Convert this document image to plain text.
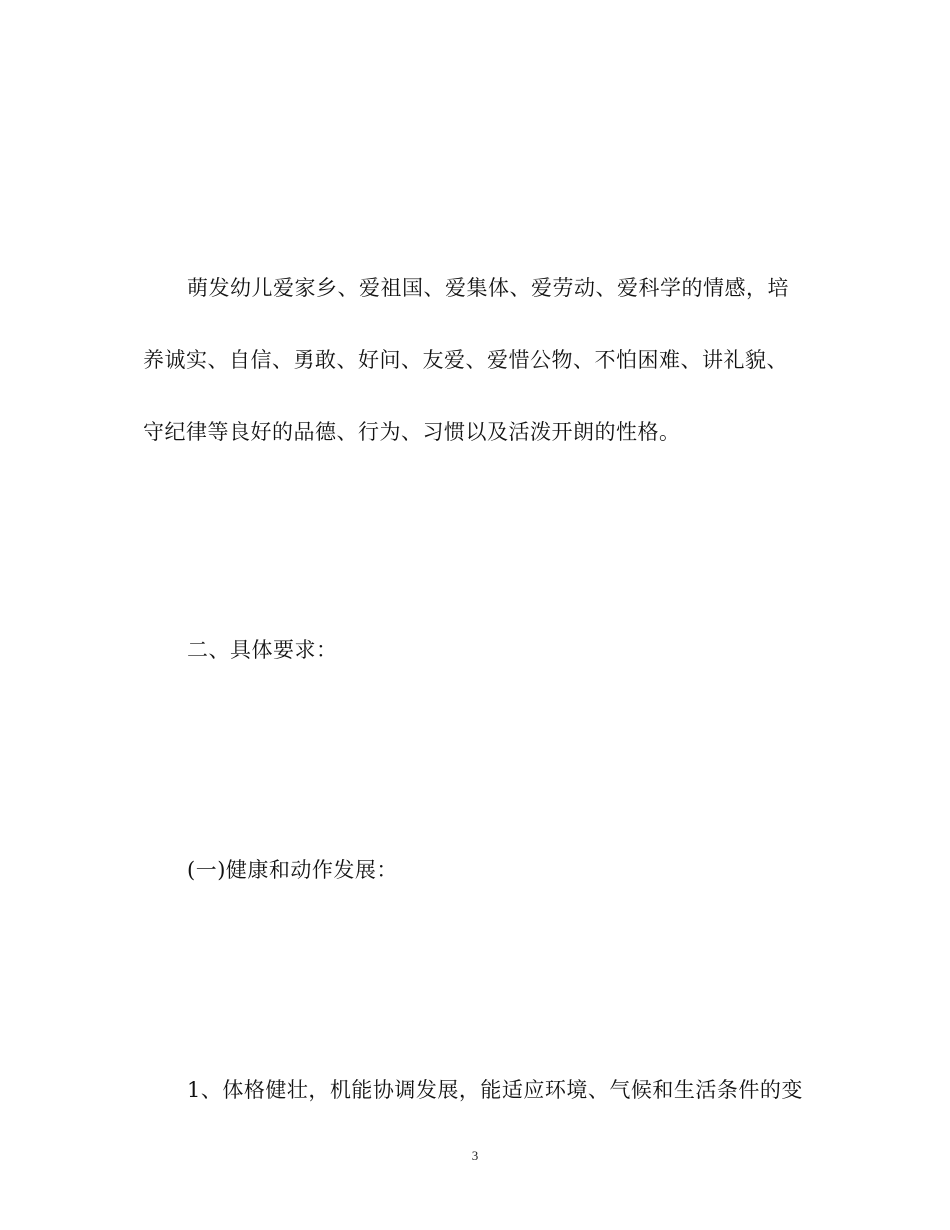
萌发幼儿爱家乡、爱祖国、爱集体、爱劳动、爱科学的情感，培
养诚实、自信、勇敢、好问、友爱、爱惜公物、不怕困难、讲礼貌、
守纪律等良好的品德、行为、习惯以及活泼开朗的性格。
二、具体要求：
(一)健康和动作发展：
1、体格健壮，机能协调发展，能适应环境、气候和生活条件的变
3
